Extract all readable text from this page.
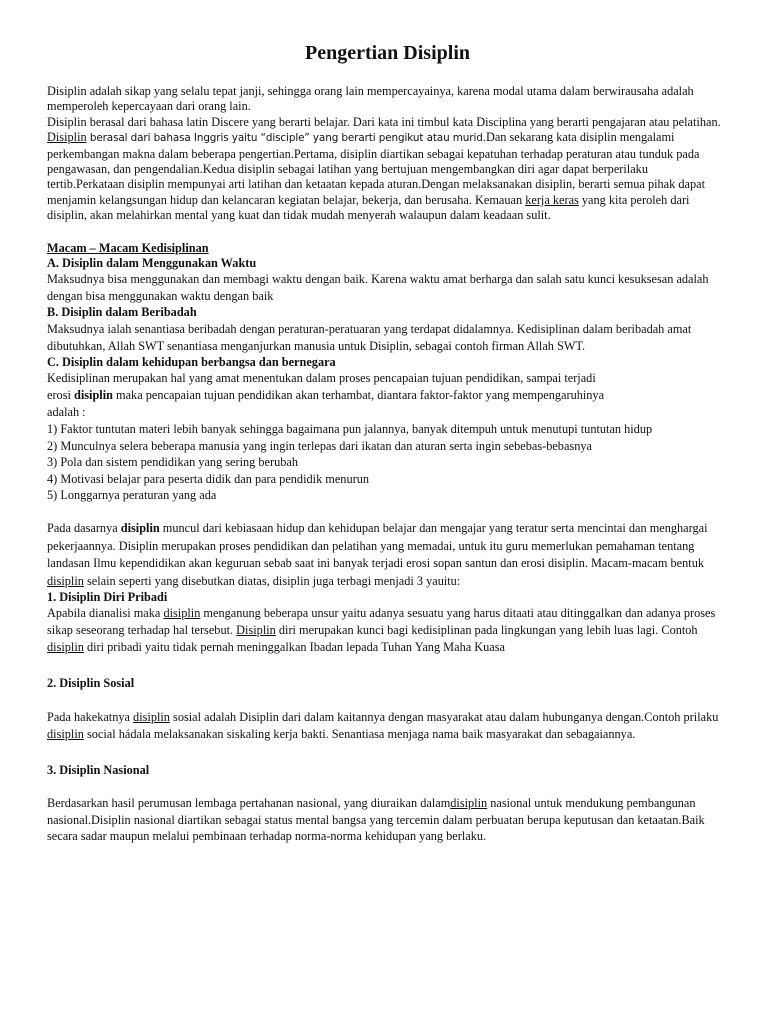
Pengertian Disiplin

Disiplin adalah sikap yang selalu tepat janji, sehingga orang lain mempercayainya, karena modal utama dalam berwirausaha adalah memperoleh kepercayaan dari orang lain.

Disiplin berasal dari bahasa latin Discere yang berarti belajar. Dari kata ini timbul kata Disciplina yang berarti pengajaran atau pelatihan. Disiplin berasal dari bahasa Inggris yaitu “disciple” yang berarti pengikut atau murid.Dan sekarang kata disiplin mengalami perkembangan makna dalam beberapa pengertian.Pertama, disiplin diartikan sebagai kepatuhan terhadap peraturan atau tunduk pada pengawasan, dan pengendalian.Kedua disiplin sebagai latihan yang bertujuan mengembangkan diri agar dapat berperilaku tertib.Perkataan disiplin mempunyai arti latihan dan ketaatan kepada aturan.Dengan melaksanakan disiplin, berarti semua pihak dapat menjamin kelangsungan hidup dan kelancaran kegiatan belajar, bekerja, dan berusaha. Kemauan kerja keras yang kita peroleh dari disiplin, akan melahirkan mental yang kuat dan tidak mudah menyerah walaupun dalam keadaan sulit.

Macam – Macam Kedisiplinan

A. Disiplin dalam Menggunakan Waktu

Maksudnya bisa menggunakan dan membagi waktu dengan baik. Karena waktu amat berharga dan salah satu kunci kesuksesan adalah dengan bisa menggunakan waktu dengan baik

B. Disiplin dalam Beribadah

Maksudnya ialah senantiasa beribadah dengan peraturan-peratuaran yang terdapat didalamnya. Kedisiplinan dalam beribadah amat dibutuhkan, Allah SWT senantiasa menganjurkan manusia untuk Disiplin, sebagai contoh firman Allah SWT.

C. Disiplin dalam kehidupan berbangsa dan bernegara

Kedisiplinan merupakan hal yang amat menentukan dalam proses pencapaian tujuan pendidikan, sampai terjadi erosi disiplin maka pencapaian tujuan pendidikan akan terhambat, diantara faktor-faktor yang mempengaruhinya adalah :

1) Faktor tuntutan materi lebih banyak sehingga bagaimana pun jalannya, banyak ditempuh untuk menutupi tuntutan hidup
2) Munculnya selera beberapa manusia yang ingin terlepas dari ikatan dan aturan serta ingin sebebas-bebasnya
3) Pola dan sistem pendidikan yang sering berubah
4) Motivasi belajar para peserta didik dan para pendidik menurun
5) Longgarnya peraturan yang ada

Pada dasarnya disiplin muncul dari kebiasaan hidup dan kehidupan belajar dan mengajar yang teratur serta mencintai dan menghargai pekerjaannya. Disiplin merupakan proses pendidikan dan pelatihan yang memadai, untuk itu guru memerlukan pemahaman tentang landasan Ilmu kependidikan akan keguruan sebab saat ini banyak terjadi erosi sopan santun dan erosi disiplin. Macam-macam bentuk disiplin selain seperti yang disebutkan diatas, disiplin juga terbagi menjadi 3 yauitu:

1. Disiplin Diri Pribadi

Apabila dianalisi maka disiplin menganung beberapa unsur yaitu adanya sesuatu yang harus ditaati atau ditinggalkan dan adanya proses sikap seseorang terhadap hal tersebut. Disiplin diri merupakan kunci bagi kedisiplinan pada lingkungan yang lebih luas lagi. Contoh disiplin diri pribadi yaitu tidak pernah meninggalkan Ibadan lepada Tuhan Yang Maha Kuasa

2. Disiplin Sosial

Pada hakekatnya disiplin sosial adalah Disiplin dari dalam kaitannya dengan masyarakat atau dalam hubunganya dengan.Contoh prilaku disiplin social hádala melaksanakan siskaling kerja bakti. Senantiasa menjaga nama baik masyarakat dan sebagaiannya.

3. Disiplin Nasional

Berdasarkan hasil perumusan lembaga pertahanan nasional, yang diuraikan dalamdisiplin nasional untuk mendukung pembangunan nasional.Disiplin nasional diartikan sebagai status mental bangsa yang tercemin dalam perbuatan berupa keputusan dan ketaatan.Baik secara sadar maupun melalui pembinaan terhadap norma-norma kehidupan yang berlaku.
